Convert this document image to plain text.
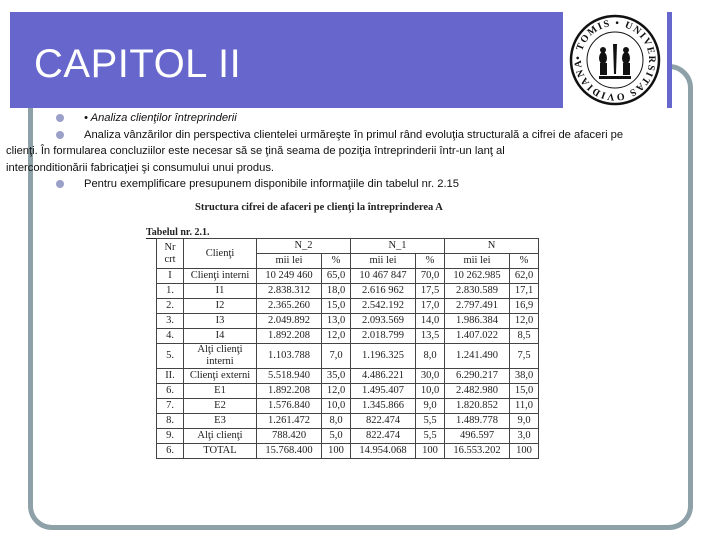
CAPITOL II	• TOMIS • UNIVERSITAS OVIDIANA
• Analiza clienţilor întreprinderii
Analiza vânzărilor din perspectiva clientelei urmăreşte în primul rând evoluţia structurală a cifrei de afaceri pe
clienţi. În formularea concluziilor este necesar să se ţină seama de poziţia întreprinderii într-un lanţ al
interconditionării fabricaţiei şi consumului unui produs.
Pentru exemplificare presupunem disponibile informaţiile din tabelul nr. 2.15
Structura cifrei de afaceri pe clienţi la întreprinderea A
Tabelul nr. 2.1.
Nr crt	Clienţi	N_2		N_1		N	
		mii lei	%	mii lei	%	mii lei	%
I	Clienţi interni	10 249 460	65,0	10 467 847	70,0	10 262.985	62,0
1.	I1	2.838.312	18,0	2.616 962	17,5	2.830.589	17,1
2.	I2	2.365.260	15,0	2.542.192	17,0	2.797.491	16,9
3.	I3	2.049.892	13,0	2.093.569	14,0	1.986.384	12,0
4.	I4	1.892.208	12,0	2.018.799	13,5	1.407.022	8,5
5.	Alţi clienţi interni	1.103.788	7,0	1.196.325	8,0	1.241.490	7,5
II.	Clienţi externi	5.518.940	35,0	4.486.221	30,0	6.290.217	38,0
6.	E1	1.892.208	12,0	1.495.407	10,0	2.482.980	15,0
7.	E2	1.576.840	10,0	1.345.866	9,0	1.820.852	11,0
8.	E3	1.261.472	8,0	822.474	5,5	1.489.778	9,0
9.	Alţi clienţi	788.420	5,0	822.474	5,5	496.597	3,0
6.	TOTAL	15.768.400	100	14.954.068	100	16.553.202	100
